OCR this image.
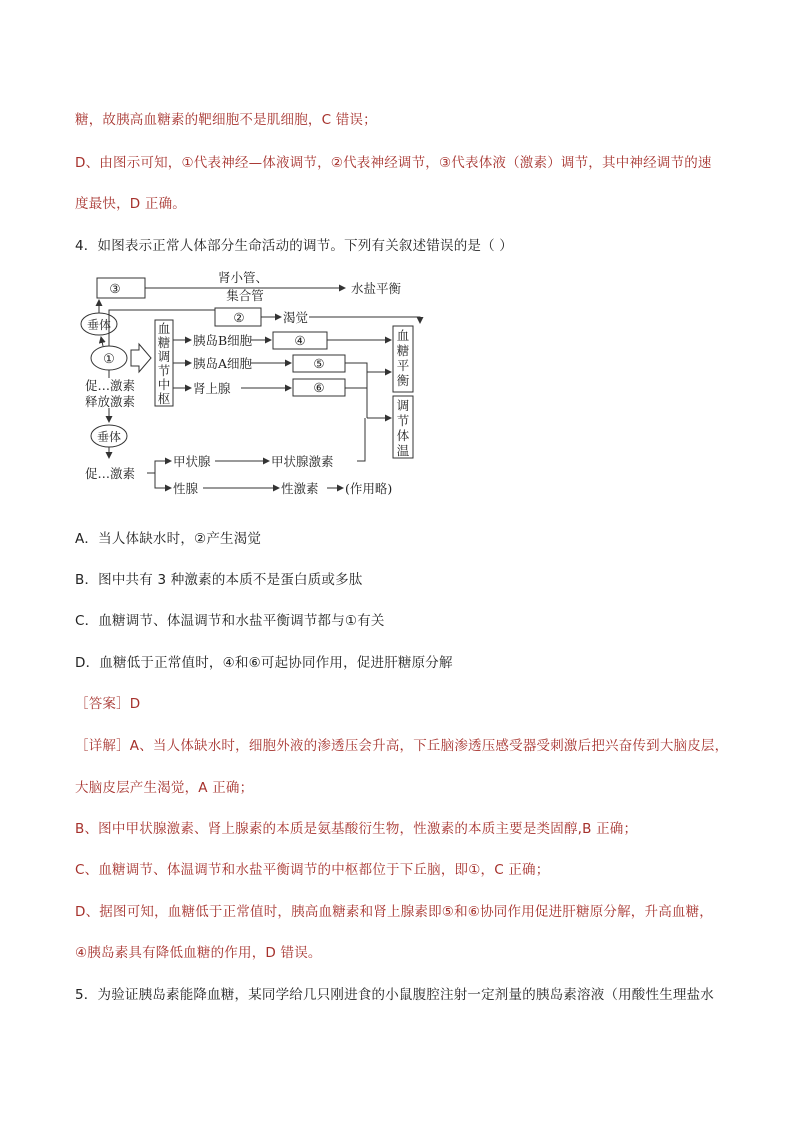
糖，故胰高血糖素的靶细胞不是肌细胞，C 错误；
D、由图示可知，①代表神经—体液调节，②代表神经调节，③代表体液（激素）调节，其中神经调节的速
度最快，D 正确。
4．如图表示正常人体部分生命活动的调节。下列有关叙述错误的是（ ）
③
肾小管、
集合管	水盐平衡
垂体	②	渴觉
①
血
糖
调
节
中
枢
胰岛B细胞
胰岛A细胞
肾上腺
④
⑤
⑥
血
糖
平
衡
调
节
体
温
促…激素
释放激素
垂体
促…激素
甲状腺	甲状腺激素
性腺	性激素 (作用略)
A．当人体缺水时，②产生渴觉
B．图中共有 3 种激素的本质不是蛋白质或多肽
C．血糖调节、体温调节和水盐平衡调节都与①有关
D．血糖低于正常值时，④和⑥可起协同作用，促进肝糖原分解
［答案］D
［详解］A、当人体缺水时，细胞外液的渗透压会升高，下丘脑渗透压感受器受刺激后把兴奋传到大脑皮层，
大脑皮层产生渴觉，A 正确；
B、图中甲状腺激素、肾上腺素的本质是氨基酸衍生物，性激素的本质主要是类固醇,B 正确；
C、血糖调节、体温调节和水盐平衡调节的中枢都位于下丘脑，即①，C 正确；
D、据图可知，血糖低于正常值时，胰高血糖素和肾上腺素即⑤和⑥协同作用促进肝糖原分解，升高血糖，
④胰岛素具有降低血糖的作用，D 错误。
5．为验证胰岛素能降血糖，某同学给几只刚进食的小鼠腹腔注射一定剂量的胰岛素溶液（用酸性生理盐水
